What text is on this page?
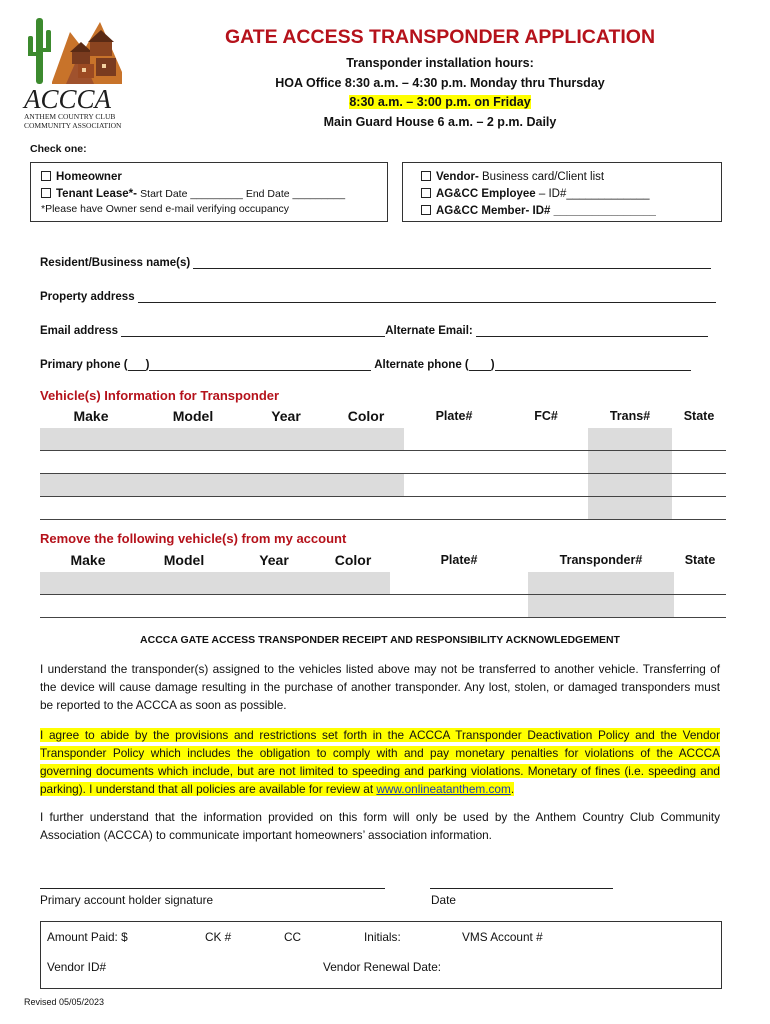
ACCCA
ANTHEM COUNTRY CLUB
COMMUNITY ASSOCIATION
GATE ACCESS TRANSPONDER APPLICATION
Transponder installation hours:
HOA Office 8:30 a.m. – 4:30 p.m. Monday thru Thursday
8:30 a.m. – 3:00 p.m. on Friday
Main Guard House 6 a.m. – 2 p.m. Daily
Check one:
Homeowner
Tenant Lease*- Start Date _________ End Date _________
*Please have Owner send e-mail verifying occupancy
Vendor- Business card/Client list
AG&CC Employee – ID#_____________
AG&CC Member- ID# ________________
Resident/Business name(s)
Property address
Email address	Alternate Email:
Primary phone ( )	Alternate phone ( )
Vehicle(s) Information for Transponder
Make	Model	Year	Color	Plate#	FC#	Trans#	State

Remove the following vehicle(s) from my account
Make	Model	Year	Color	Plate#	Transponder#	State

ACCCA GATE ACCESS TRANSPONDER RECEIPT AND RESPONSIBILITY ACKNOWLEDGEMENT
I understand the transponder(s) assigned to the vehicles listed above may not be transferred to another vehicle. Transferring of the device will cause damage resulting in the purchase of another transponder. Any lost, stolen, or damaged transponders must be reported to the ACCCA as soon as possible.
I agree to abide by the provisions and restrictions set forth in the ACCCA Transponder Deactivation Policy and the Vendor Transponder Policy which includes the obligation to comply with and pay monetary penalties for violations of the ACCCA governing documents which include, but are not limited to speeding and parking violations. Monetary of fines (i.e. speeding and parking). I understand that all policies are available for review at www.onlineatanthem.com.
I further understand that the information provided on this form will only be used by the Anthem Country Club Community Association (ACCCA) to communicate important homeowners’ association information.
Primary account holder signature	Date
Amount Paid: $	CK #	CC	Initials:	VMS Account #
Vendor ID#	Vendor Renewal Date:
Revised 05/05/2023
